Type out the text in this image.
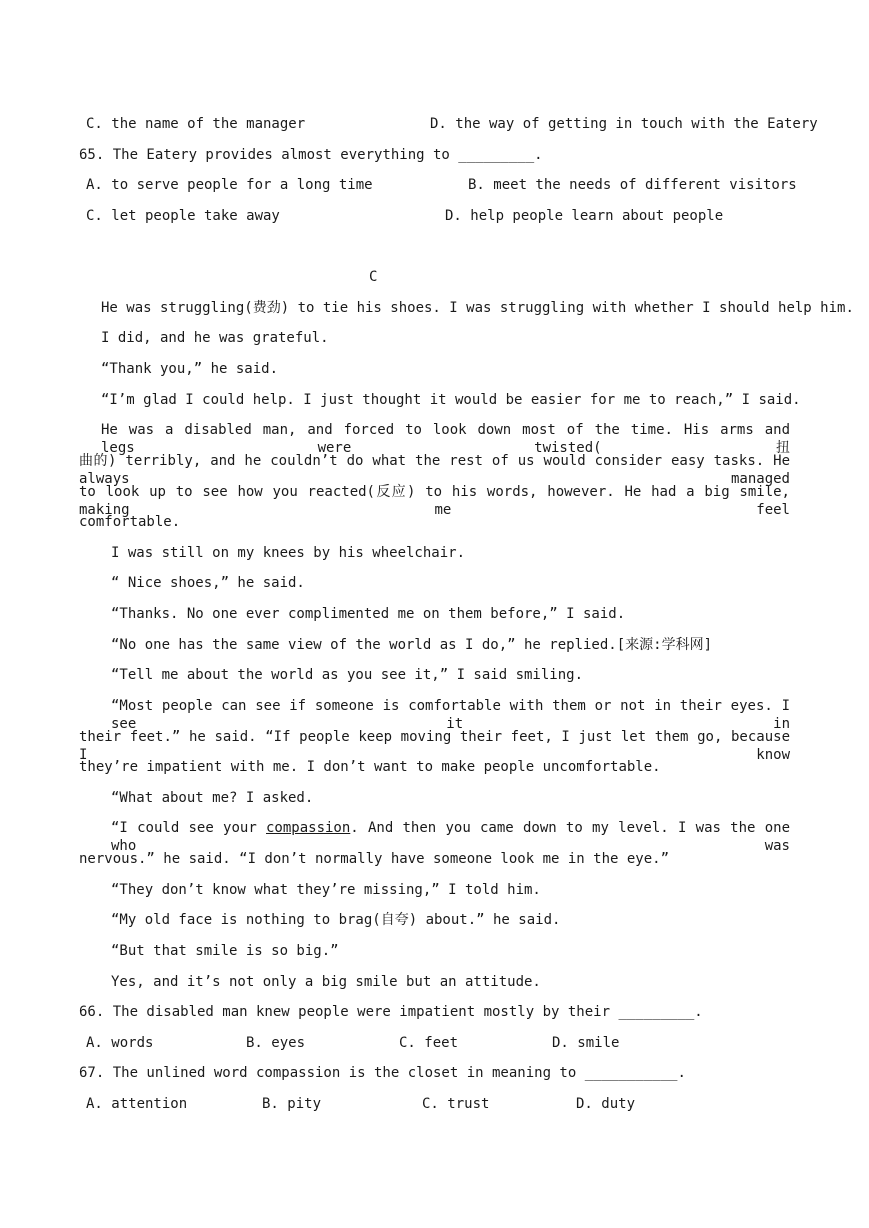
C. the name of the manager	D. the way of getting in touch with the Eatery
65. The Eatery provides almost everything to _________.
A. to serve people for a long time	B. meet the needs of different visitors
C. let people take away	D. help people learn about people
C
He was struggling(费劲) to tie his shoes. I was struggling with whether I should help him.
I did, and he was grateful.
“Thank you,” he said.
“I’m glad I could help. I just thought it would be easier for me to reach,” I said.
He was a disabled man, and forced to look down most of the time. His arms and legs were twisted(扭
曲的) terribly, and he couldn’t do what the rest of us would consider easy tasks. He always managed
to look up to see how you reacted(反应) to his words, however. He had a big smile, making me feel
comfortable.
I was still on my knees by his wheelchair.
“ Nice shoes,” he said.
“Thanks. No one ever complimented me on them before,” I said.
“No one has the same view of the world as I do,” he replied.[来源:学科网]
“Tell me about the world as you see it,” I said smiling.
“Most people can see if someone is comfortable with them or not in their eyes. I see it in
their feet.” he said. “If people keep moving their feet, I just let them go, because I know
they’re impatient with me. I don’t want to make people uncomfortable.
“What about me? I asked.
“I could see your compassion. And then you came down to my level. I was the one who was
nervous.” he said. “I don’t normally have someone look me in the eye.”
“They don’t know what they’re missing,” I told him.
“My old face is nothing to brag(自夸) about.” he said.
“But that smile is so big.”
Yes, and it’s not only a big smile but an attitude.
66. The disabled man knew people were impatient mostly by their _________.
A. words	B. eyes	C. feet	D. smile
67. The unlined word compassion is the closet in meaning to ___________.
A. attention	B. pity	C. trust	D. duty
